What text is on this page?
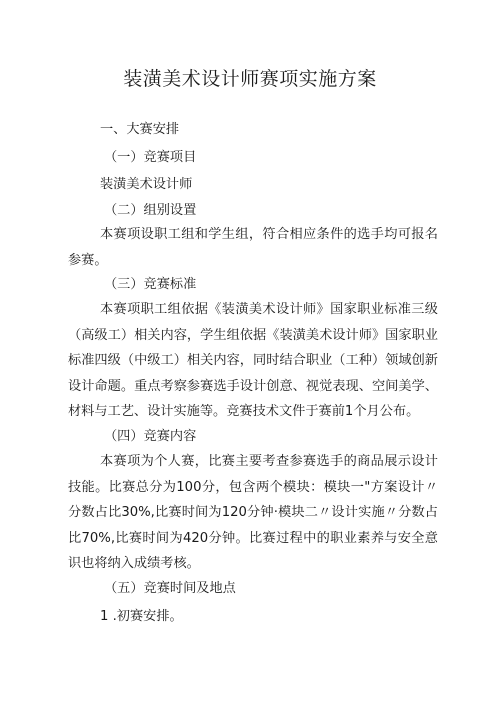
装潢美术设计师赛项实施方案
一、大赛安排
（一）竞赛项目
装潢美术设计师
（二）组别设置
本赛项设职工组和学生组，符合相应条件的选手均可报名参赛。
（三）竞赛标准
本赛项职工组依据《装潢美术设计师》国家职业标准三级（高级工）相关内容，学生组依据《装潢美术设计师》国家职业标准四级（中级工）相关内容，同时结合职业（工种）领域创新设计命题。重点考察参赛选手设计创意、视觉表现、空间美学、材料与工艺、设计实施等。竞赛技术文件于赛前1个月公布。
（四）竞赛内容
本赛项为个人赛，比赛主要考查参赛选手的商品展示设计技能。比赛总分为100分，包含两个模块：模块一"方案设计〃分数占比30%,比赛时间为120分钟·模块二〃设计实施〃分数占比70%,比赛时间为420分钟。比赛过程中的职业素养与安全意识也将纳入成绩考核。
（五）竞赛时间及地点
1 .初赛安排。
